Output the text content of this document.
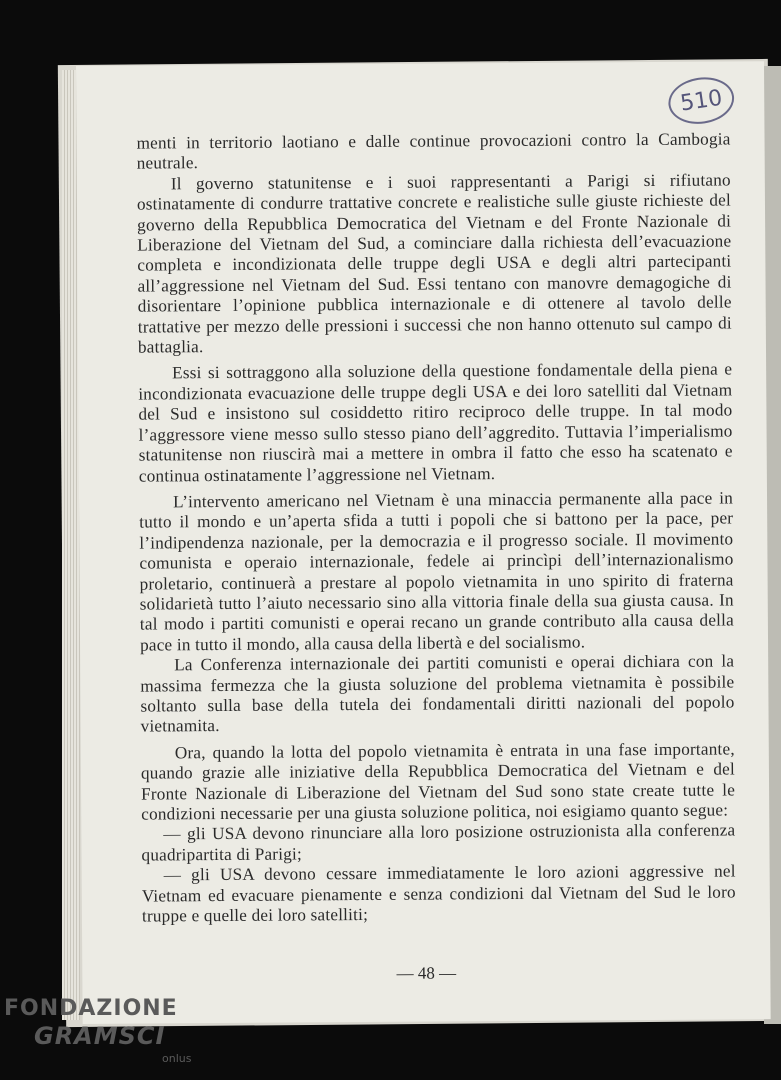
510

menti in territorio laotiano e dalle continue provocazioni contro la Cambogia neutrale.

Il governo statunitense e i suoi rappresentanti a Parigi si rifiutano ostinatamente di condurre trattative concrete e realistiche sulle giuste richieste del governo della Repubblica Democratica del Vietnam e del Fronte Nazionale di Liberazione del Vietnam del Sud, a cominciare dalla richiesta dell’evacuazione completa e incondizionata delle truppe degli USA e degli altri partecipanti all’aggressione nel Vietnam del Sud. Essi tentano con manovre demagogiche di disorientare l’opinione pubblica internazionale e di ottenere al tavolo delle trattative per mezzo delle pressioni i successi che non hanno ottenuto sul campo di battaglia.

Essi si sottraggono alla soluzione della questione fondamentale della piena e incondizionata evacuazione delle truppe degli USA e dei loro satelliti dal Vietnam del Sud e insistono sul cosiddetto ritiro reciproco delle truppe. In tal modo l’aggressore viene messo sullo stesso piano dell’aggredito. Tuttavia l’imperialismo statunitense non riuscirà mai a mettere in ombra il fatto che esso ha scatenato e continua ostinatamente l’aggressione nel Vietnam.

L’intervento americano nel Vietnam è una minaccia permanente alla pace in tutto il mondo e un’aperta sfida a tutti i popoli che si battono per la pace, per l’indipendenza nazionale, per la democrazia e il progresso sociale. Il movimento comunista e operaio internazionale, fedele ai princìpi dell’internazionalismo proletario, continuerà a prestare al popolo vietnamita in uno spirito di fraterna solidarietà tutto l’aiuto necessario sino alla vittoria finale della sua giusta causa. In tal modo i partiti comunisti e operai recano un grande contributo alla causa della pace in tutto il mondo, alla causa della libertà e del socialismo.

La Conferenza internazionale dei partiti comunisti e operai dichiara con la massima fermezza che la giusta soluzione del problema vietnamita è possibile soltanto sulla base della tutela dei fondamentali diritti nazionali del popolo vietnamita.

Ora, quando la lotta del popolo vietnamita è entrata in una fase importante, quando grazie alle iniziative della Repubblica Democratica del Vietnam e del Fronte Nazionale di Liberazione del Vietnam del Sud sono state create tutte le condizioni necessarie per una giusta soluzione politica, noi esigiamo quanto segue:

— gli USA devono rinunciare alla loro posizione ostruzionista alla conferenza quadripartita di Parigi;

— gli USA devono cessare immediatamente le loro azioni aggressive nel Vietnam ed evacuare pienamente e senza condizioni dal Vietnam del Sud le loro truppe e quelle dei loro satelliti;

— 48 —
FONDAZIONE
GRAMSCI
onlus
